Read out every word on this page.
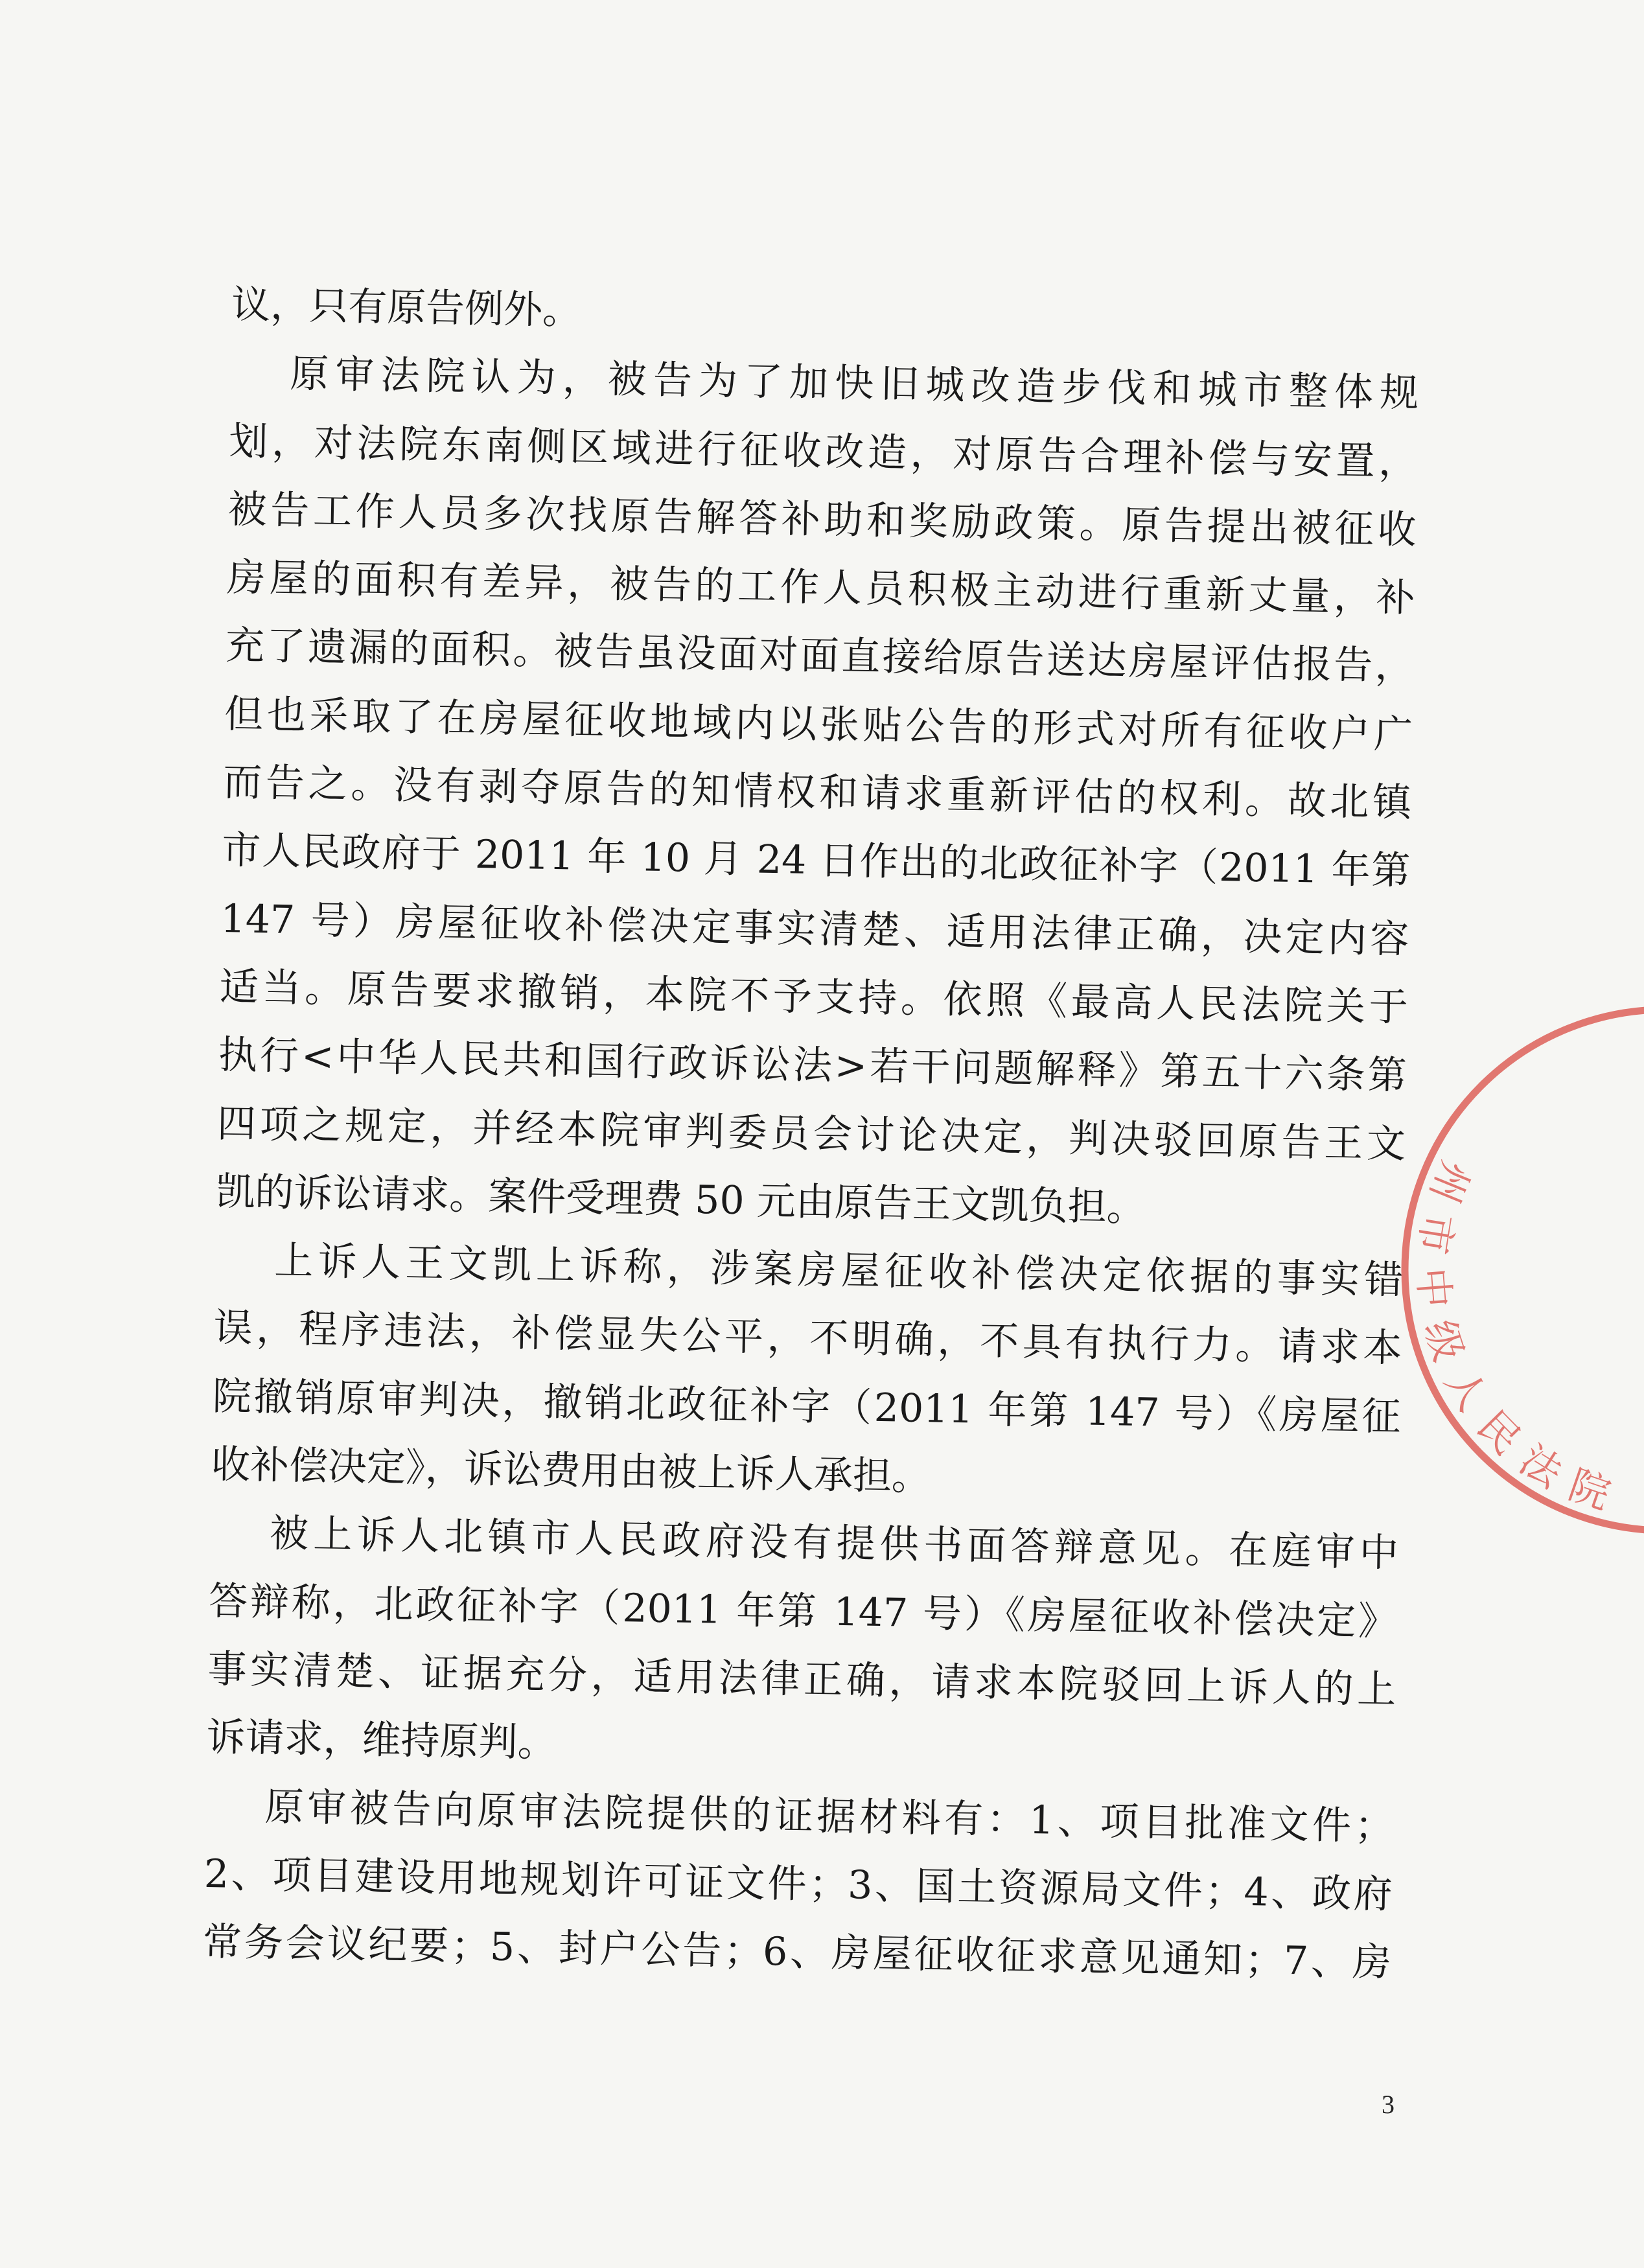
议，只有原告例外。
原审法院认为，被告为了加快旧城改造步伐和城市整体规
划，对法院东南侧区域进行征收改造，对原告合理补偿与安置，
被告工作人员多次找原告解答补助和奖励政策。原告提出被征收
房屋的面积有差异，被告的工作人员积极主动进行重新丈量，补
充了遗漏的面积。被告虽没面对面直接给原告送达房屋评估报告，
但也采取了在房屋征收地域内以张贴公告的形式对所有征收户广
而告之。没有剥夺原告的知情权和请求重新评估的权利。故北镇
市人民政府于 2011 年 10 月 24 日作出的北政征补字（2011 年第
147 号）房屋征收补偿决定事实清楚、适用法律正确，决定内容
适当。原告要求撤销，本院不予支持。依照《最高人民法院关于
执行<中华人民共和国行政诉讼法>若干问题解释》第五十六条第
四项之规定，并经本院审判委员会讨论决定，判决驳回原告王文
凯的诉讼请求。案件受理费 50 元由原告王文凯负担。
上诉人王文凯上诉称，涉案房屋征收补偿决定依据的事实错
误，程序违法，补偿显失公平，不明确，不具有执行力。请求本
院撤销原审判决，撤销北政征补字（2011 年第 147 号）《房屋征
收补偿决定》，诉讼费用由被上诉人承担。
被上诉人北镇市人民政府没有提供书面答辩意见。在庭审中
答辩称，北政征补字（2011 年第 147 号）《房屋征收补偿决定》
事实清楚、证据充分，适用法律正确，请求本院驳回上诉人的上
诉请求，维持原判。
原审被告向原审法院提供的证据材料有：1、项目批准文件；
2、项目建设用地规划许可证文件；3、国土资源局文件；4、政府
常务会议纪要；5、封户公告；6、房屋征收征求意见通知；7、房
3
州市中级人民法院
